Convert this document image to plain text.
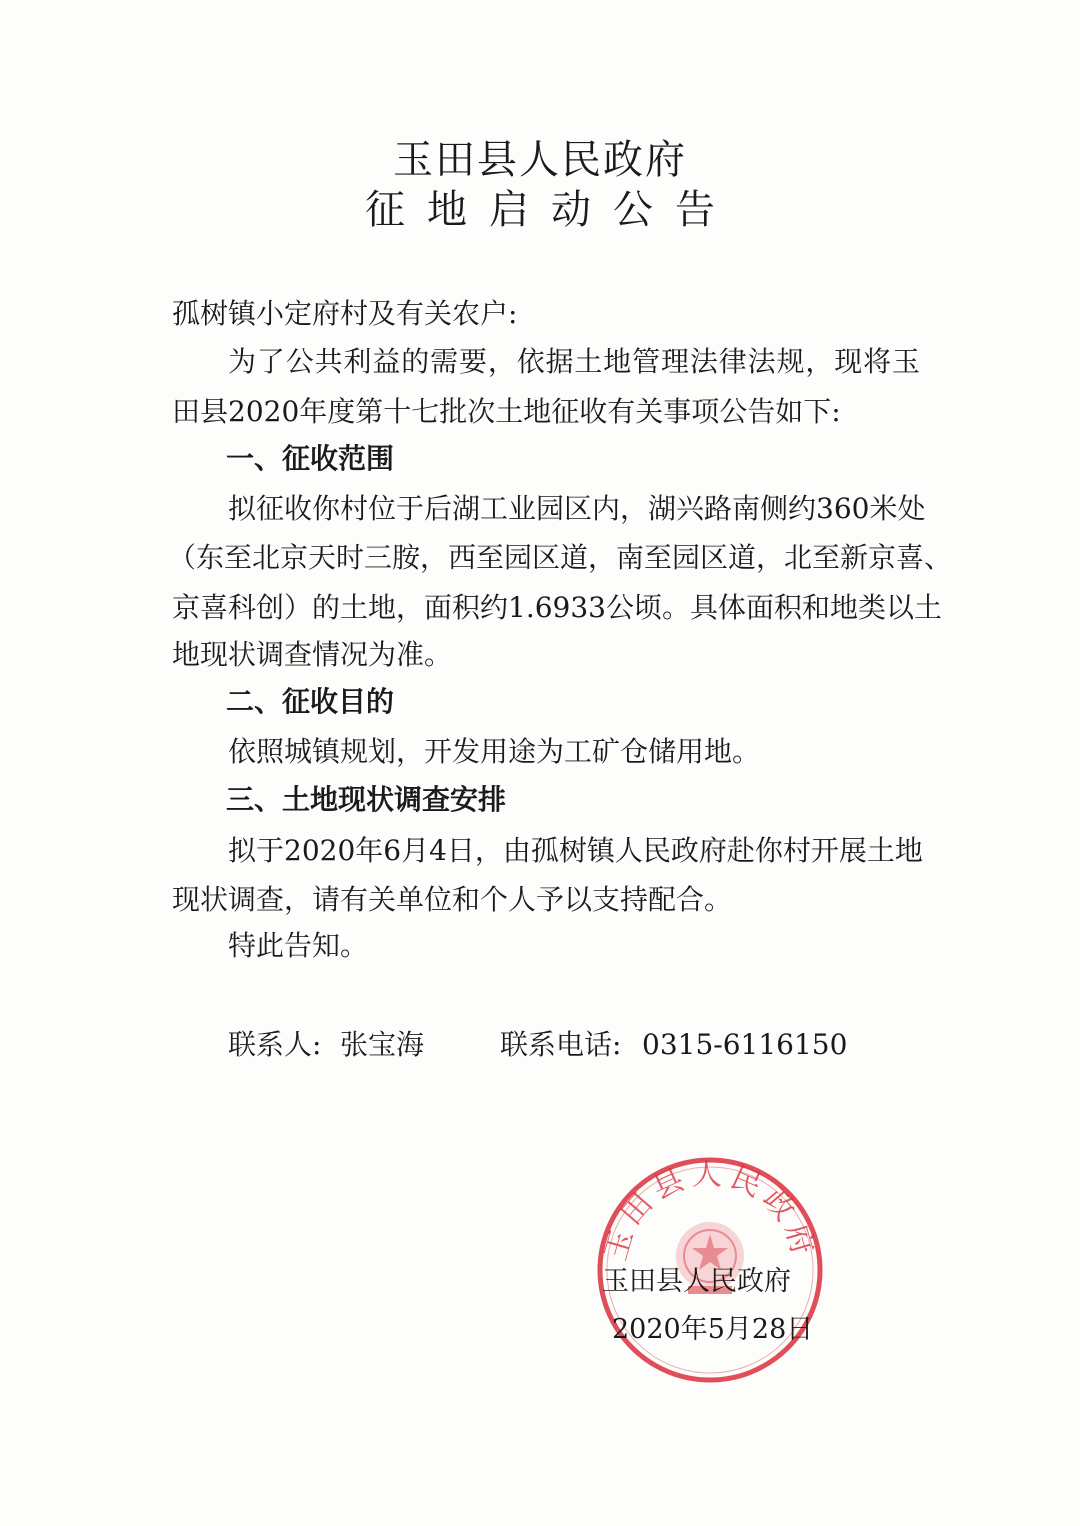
玉田县人民政府
征地启动公告
孤树镇小定府村及有关农户:
为了公共利益的需要，依据土地管理法律法规，现将玉
田县2020年度第十七批次土地征收有关事项公告如下:
一、征收范围
拟征收你村位于后湖工业园区内，湖兴路南侧约360米处
（东至北京天时三胺，西至园区道，南至园区道，北至新京喜、
京喜科创）的土地，面积约1.6933公顷。具体面积和地类以土
地现状调查情况为准。
二、征收目的
依照城镇规划，开发用途为工矿仓储用地。
三、土地现状调查安排
拟于2020年6月4日，由孤树镇人民政府赴你村开展土地
现状调查，请有关单位和个人予以支持配合。
特此告知。
联系人: 张宝海	联系电话: 0315-6116150
玉田县人民政府
玉田县人民政府
2020年5月28日
